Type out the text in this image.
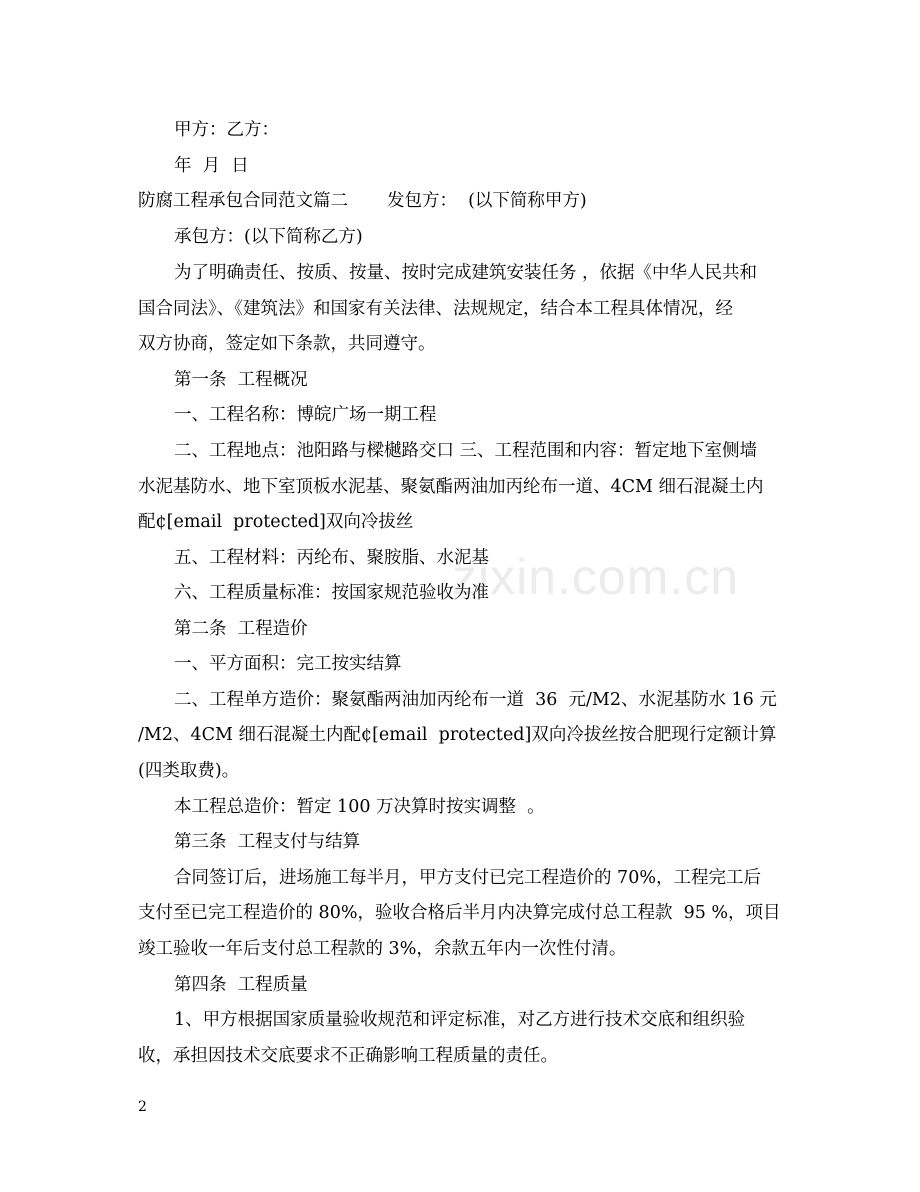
zixin.com.cn
甲方：乙方：
年  月  日
防腐工程承包合同范文篇二       发包方：  (以下简称甲方)
承包方：(以下简称乙方)
为了明确责任、按质、按量、按时完成建筑安装任务 ，依据《中华人民共和
国合同法》、《建筑法》和国家有关法律、法规规定，结合本工程具体情况，经
双方协商，签定如下条款，共同遵守。
第一条  工程概况
一、工程名称：博皖广场一期工程
二、工程地点：池阳路与樑樾路交口 三、工程范围和内容：暂定地下室侧墙
水泥基防水、地下室顶板水泥基、聚氨酯两油加丙纶布一道、4CM 细石混凝土内
配¢[email  protected]双向冷拔丝
五、工程材料：丙纶布、聚胺脂、水泥基
六、工程质量标准：按国家规范验收为准
第二条  工程造价
一、平方面积：完工按实结算
二、工程单方造价：聚氨酯两油加丙纶布一道  36  元/M2、水泥基防水 16 元
/M2、4CM 细石混凝土内配¢[email  protected]双向冷拔丝按合肥现行定额计算
(四类取费)。
本工程总造价：暂定 100 万决算时按实调整  。
第三条  工程支付与结算
合同签订后，进场施工每半月，甲方支付已完工程造价的 70%，工程完工后
支付至已完工程造价的 80%，验收合格后半月内决算完成付总工程款  95 %，项目
竣工验收一年后支付总工程款的 3%，余款五年内一次性付清。
第四条  工程质量
1、甲方根据国家质量验收规范和评定标准，对乙方进行技术交底和组织验
收，承担因技术交底要求不正确影响工程质量的责任。
2
